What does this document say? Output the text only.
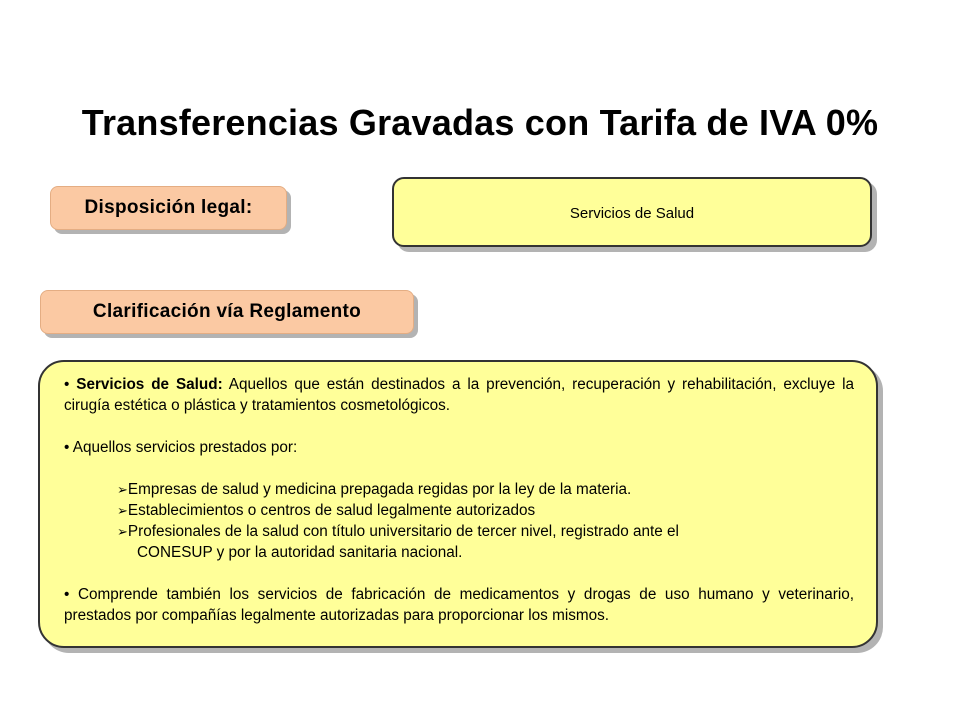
Transferencias Gravadas con Tarifa de IVA 0%
Disposición legal:	Servicios de Salud
Clarificación vía Reglamento

• Servicios de Salud: Aquellos que están destinados a la prevención, recuperación y rehabilitación, excluye la cirugía estética o plástica y tratamientos cosmetológicos.

• Aquellos servicios prestados por:

➢Empresas de salud y medicina prepagada regidas por la ley de la materia.

➢Establecimientos o centros de salud legalmente autorizados

➢Profesionales de la salud con título universitario de tercer nivel, registrado ante el

CONESUP y por la autoridad sanitaria nacional.

• Comprende también los servicios de fabricación de medicamentos y drogas de uso humano y veterinario, prestados por compañías legalmente autorizadas para proporcionar los mismos.
